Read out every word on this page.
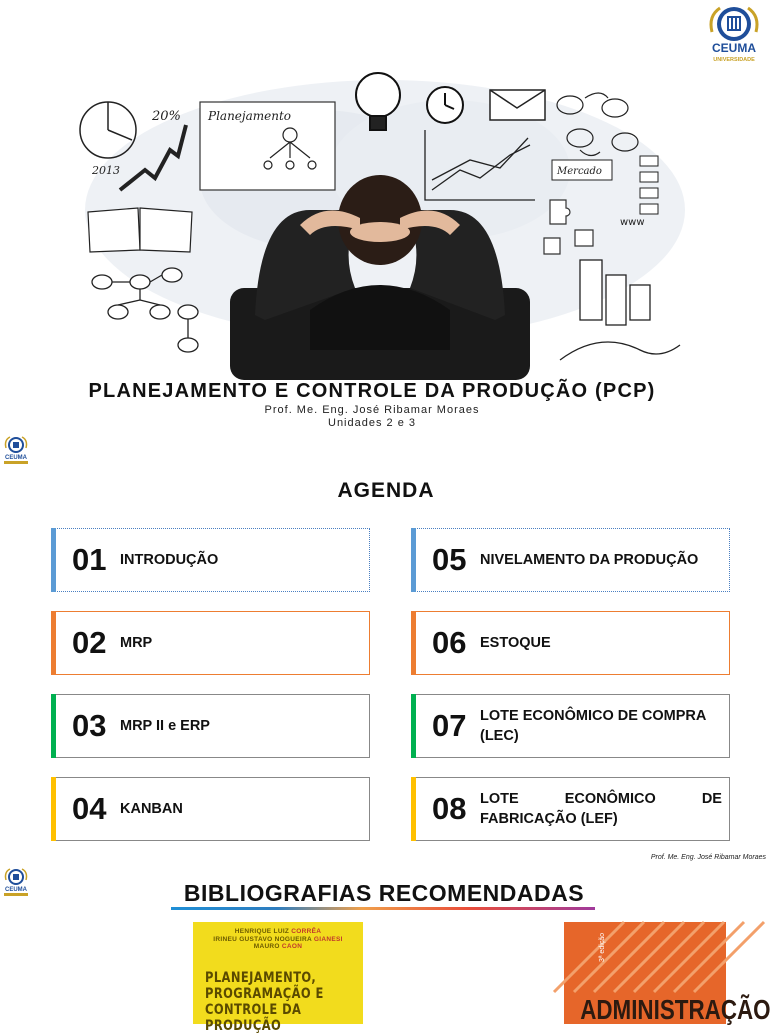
CEUMA
UNIVERSIDADE
2013
20% Planejamento
Mercado
www
PLANEJAMENTO E CONTROLE DA PRODUÇÃO (PCP)
Prof. Me. Eng. José Ribamar Moraes
Unidades 2 e 3
CEUMA
AGENDA
01 INTRODUÇÃO
02 MRP
03 MRP II e ERP
04 KANBAN
05 NIVELAMENTO DA PRODUÇÃO
06 ESTOQUE
07 LOTE ECONÔMICO DE COMPRA
(LEC)
08 LOTE	ECONÔMICO	DE
FABRICAÇÃO (LEF)
Prof. Me. Eng. José Ribamar Moraes
CEUMA	BIBLIOGRAFIAS RECOMENDADAS
HENRIQUE LUIZ CORRÊA
IRINEU GUSTAVO NOGUEIRA GIANESI
MAURO CAON
PLANEJAMENTO,
PROGRAMAÇÃO E
CONTROLE DA PRODUÇÃO
3ª edição
ADMINISTRAÇÃO
